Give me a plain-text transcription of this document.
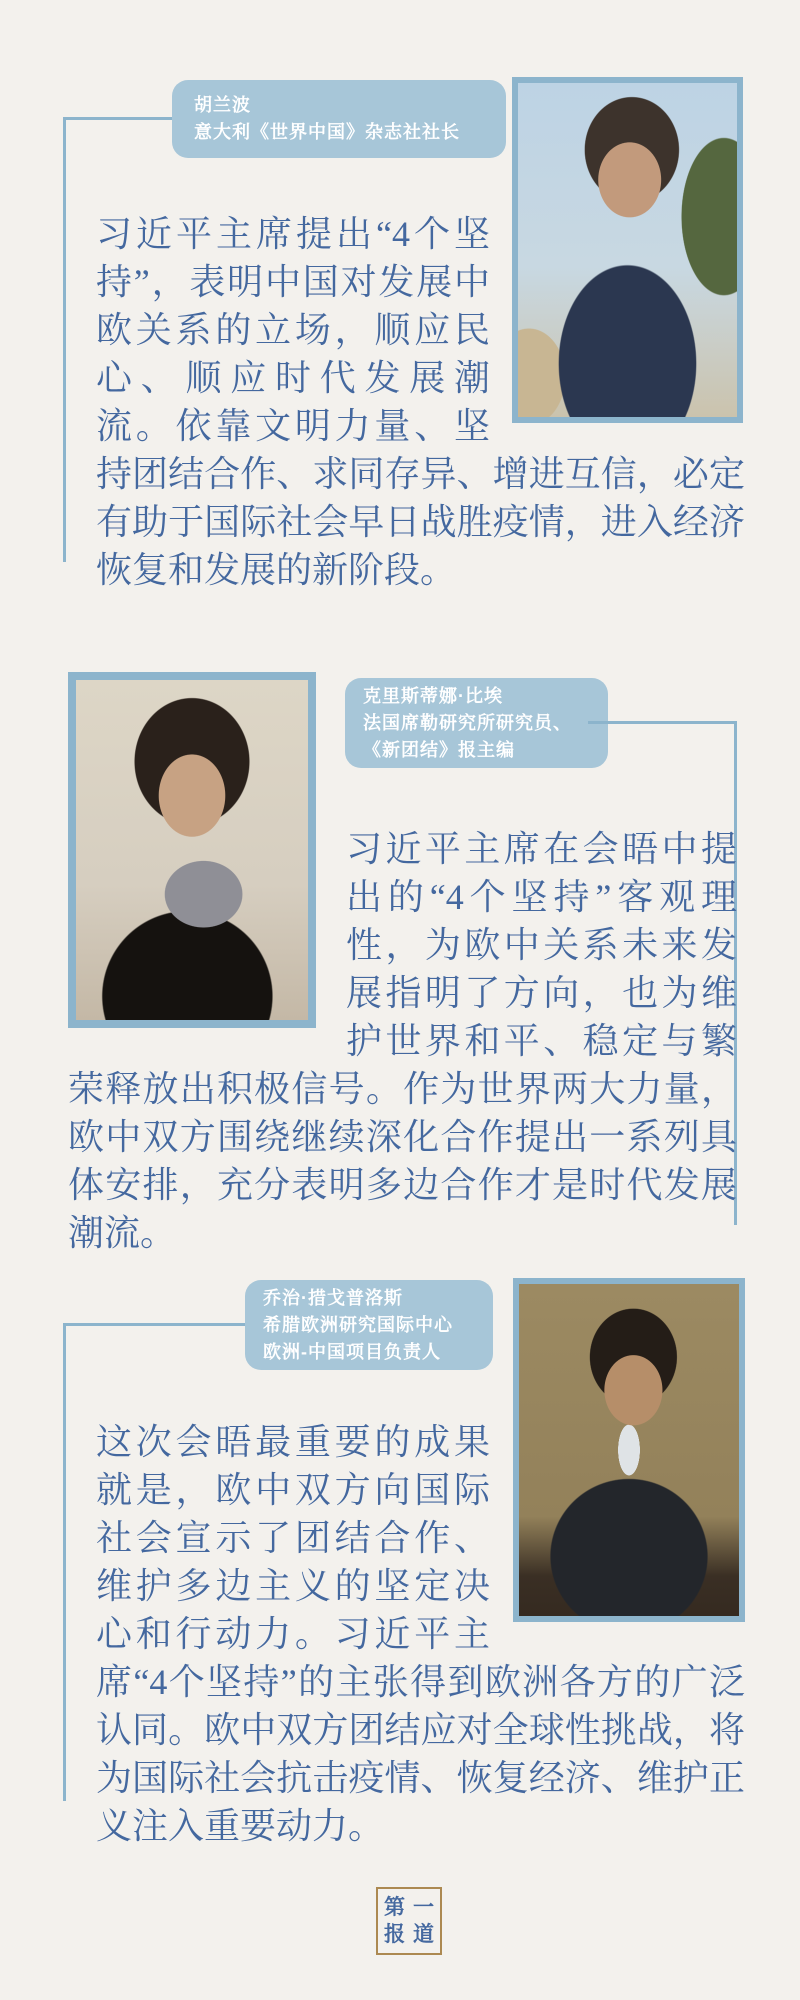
胡兰波
意大利《世界中国》杂志社社长

习近平主席提出“4个坚持”，表明中国对发展中欧关系的立场，顺应民心、顺应时代发展潮流。依靠文明力量、坚持团结合作、求同存异、增进互信，必定有助于国际社会早日战胜疫情，进入经济恢复和发展的新阶段。

克里斯蒂娜·比埃
法国席勒研究所研究员、
《新团结》报主编

习近平主席在会晤中提出的“4个坚持”客观理性，为欧中关系未来发展指明了方向，也为维护世界和平、稳定与繁荣释放出积极信号。作为世界两大力量，欧中双方围绕继续深化合作提出一系列具体安排，充分表明多边合作才是时代发展潮流。

乔治·措戈普洛斯
希腊欧洲研究国际中心
欧洲-中国项目负责人

这次会晤最重要的成果就是，欧中双方向国际社会宣示了团结合作、维护多边主义的坚定决心和行动力。习近平主席“4个坚持”的主张得到欧洲各方的广泛认同。欧中双方团结应对全球性挑战，将为国际社会抗击疫情、恢复经济、维护正义注入重要动力。

第一
报道
